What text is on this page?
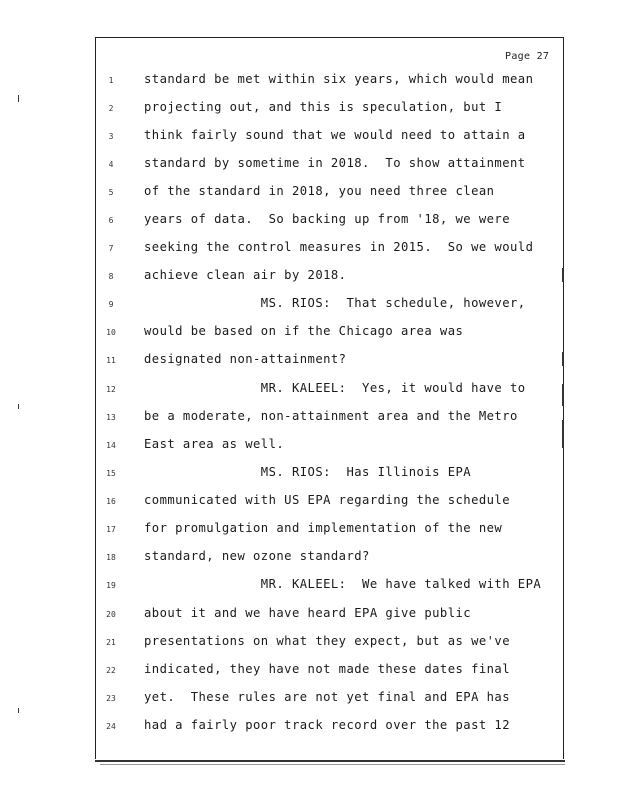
Page 27
1	standard be met within six years, which would mean
2	projecting out, and this is speculation, but I
3	think fairly sound that we would need to attain a
4	standard by sometime in 2018.  To show attainment
5	of the standard in 2018, you need three clean
6	years of data.  So backing up from '18, we were
7	seeking the control measures in 2015.  So we would
8	achieve clean air by 2018.
9	MS. RIOS:  That schedule, however,
10	would be based on if the Chicago area was
11	designated non-attainment?
12	MR. KALEEL:  Yes, it would have to
13	be a moderate, non-attainment area and the Metro
14	East area as well.
15	MS. RIOS:  Has Illinois EPA
16	communicated with US EPA regarding the schedule
17	for promulgation and implementation of the new
18	standard, new ozone standard?
19	MR. KALEEL:  We have talked with EPA
20	about it and we have heard EPA give public
21	presentations on what they expect, but as we've
22	indicated, they have not made these dates final
23	yet.  These rules are not yet final and EPA has
24	had a fairly poor track record over the past 12
